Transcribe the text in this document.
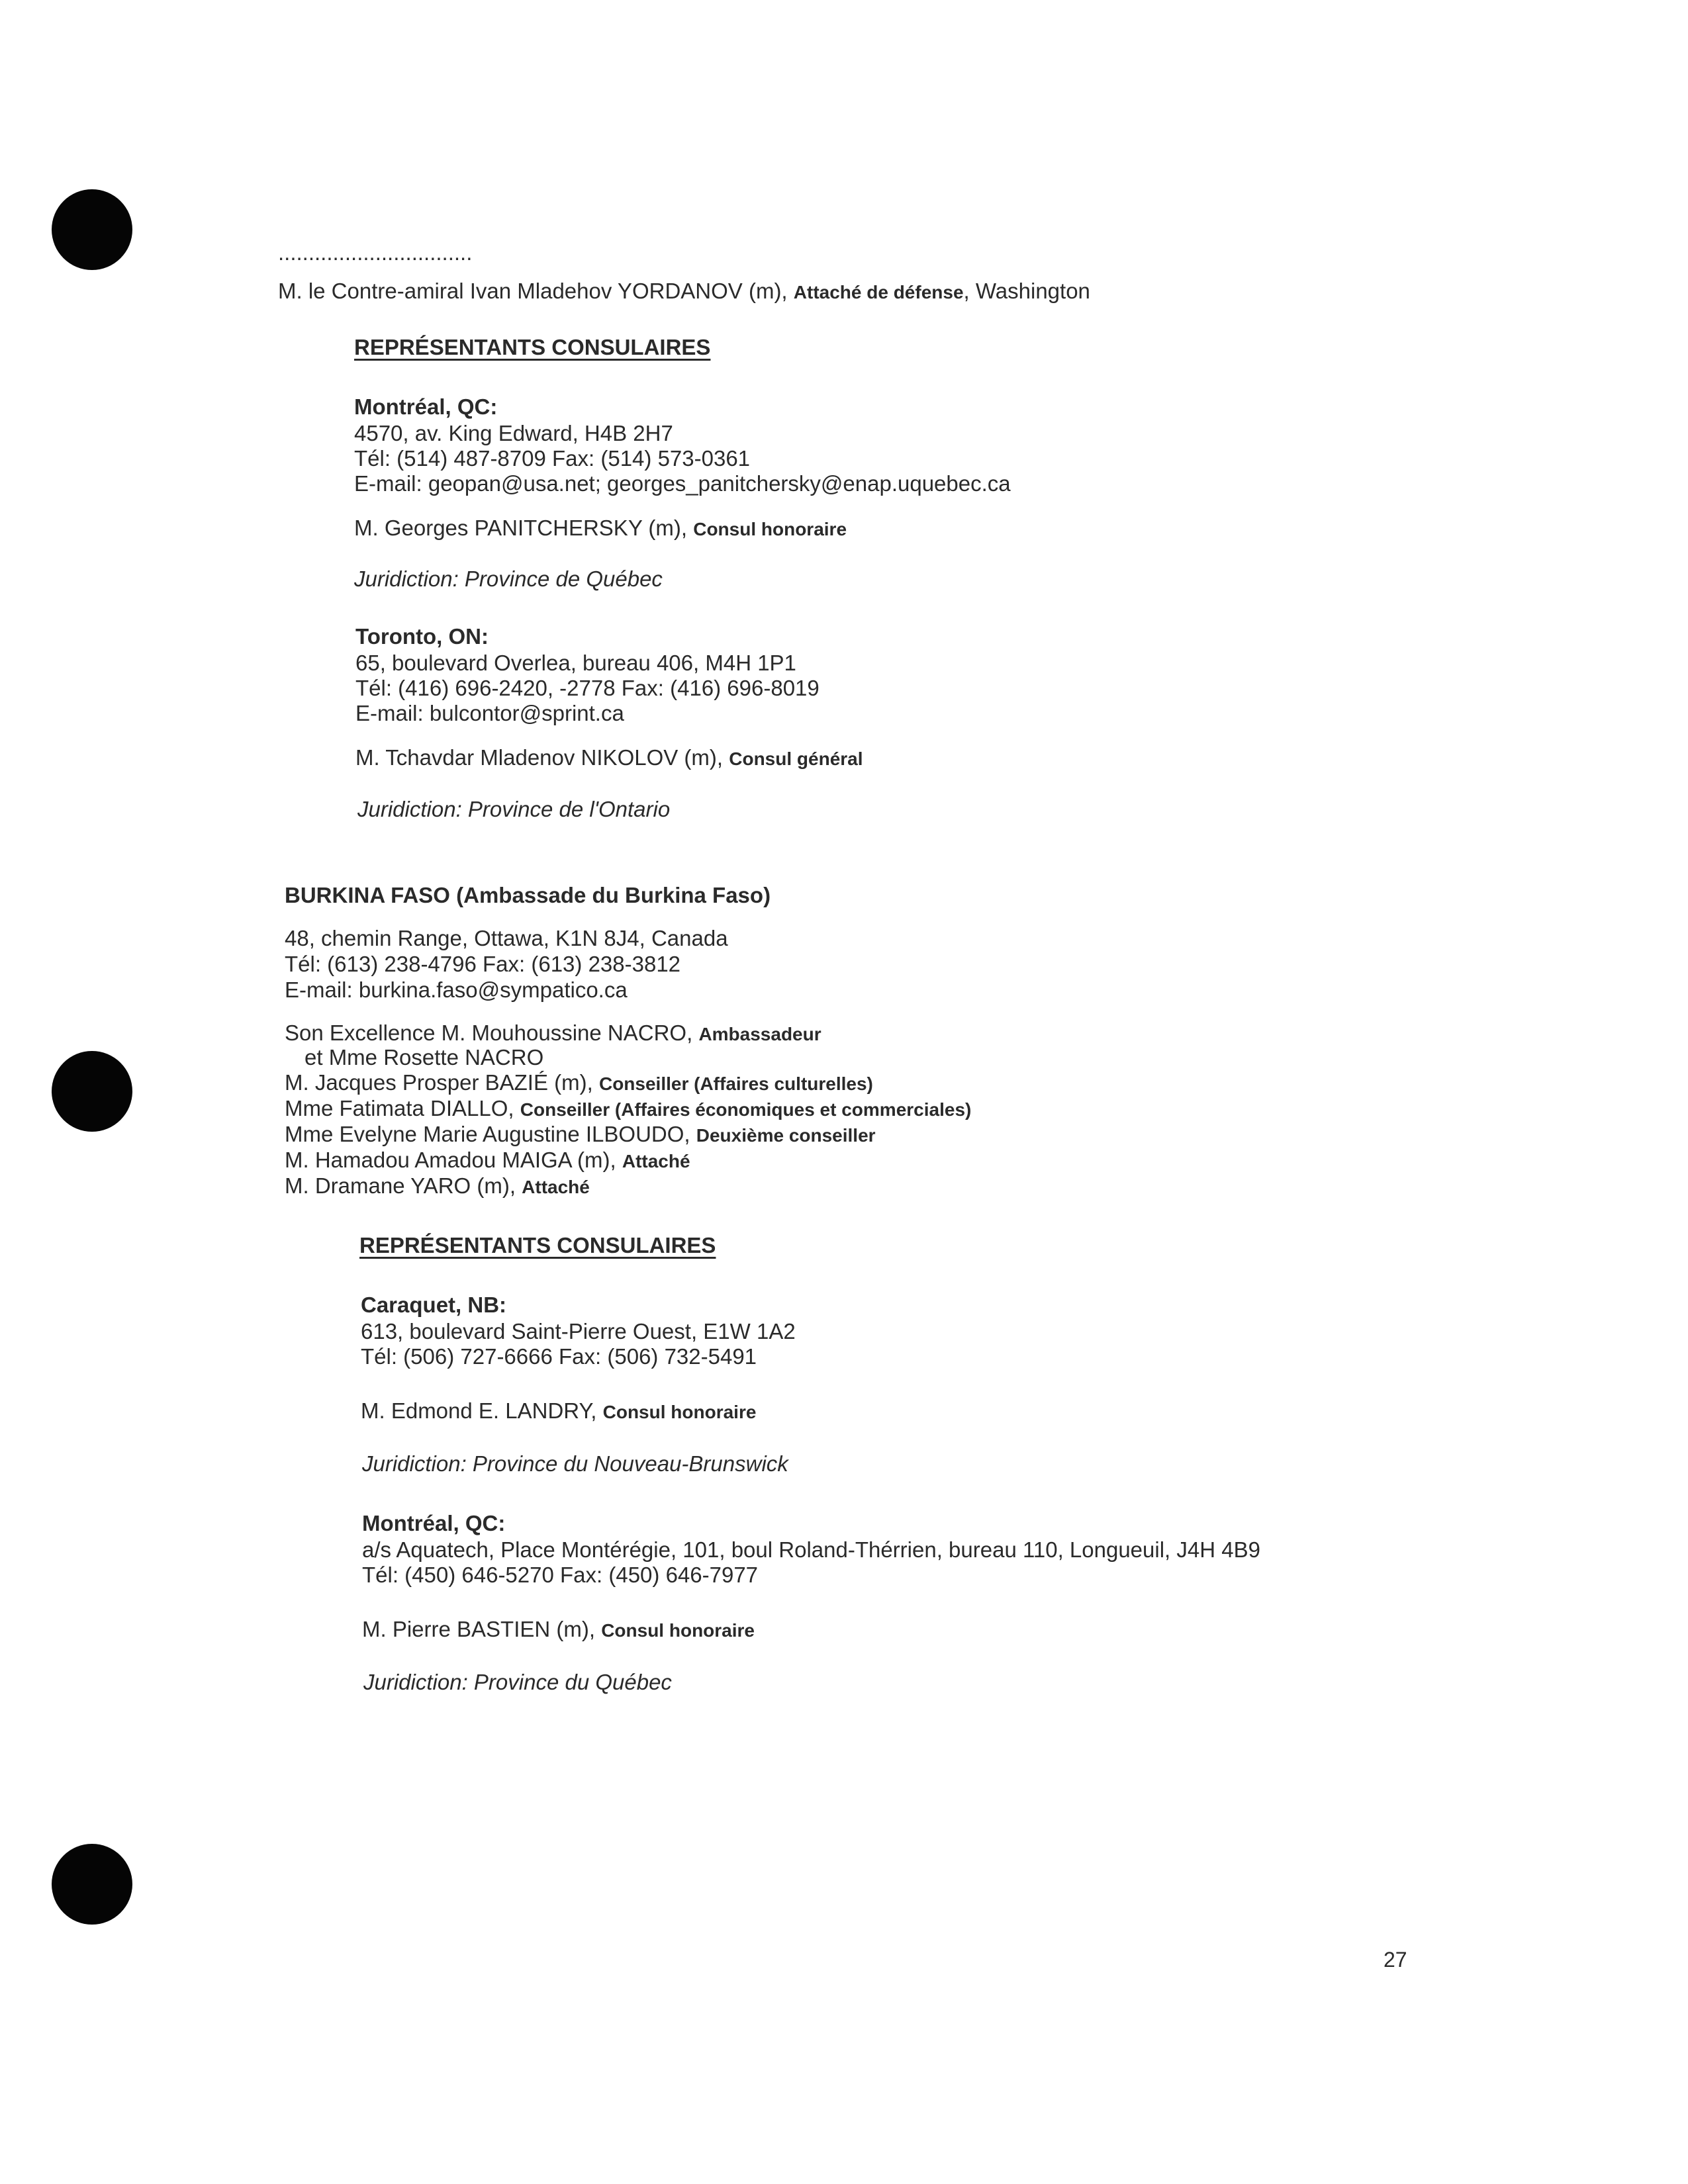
................................
M. le Contre-amiral Ivan Mladehov YORDANOV (m), Attaché de défense, Washington
REPRÉSENTANTS CONSULAIRES
Montréal, QC:
4570, av. King Edward, H4B 2H7
Tél: (514) 487-8709 Fax: (514) 573-0361
E-mail: geopan@usa.net; georges_panitchersky@enap.uquebec.ca
M. Georges PANITCHERSKY (m), Consul honoraire
Juridiction: Province de Québec
Toronto, ON:
65, boulevard Overlea, bureau 406, M4H 1P1
Tél: (416) 696-2420, -2778 Fax: (416) 696-8019
E-mail: bulcontor@sprint.ca
M. Tchavdar Mladenov NIKOLOV (m), Consul général
Juridiction: Province de l'Ontario
BURKINA FASO (Ambassade du Burkina Faso)
48, chemin Range, Ottawa, K1N 8J4, Canada
Tél: (613) 238-4796 Fax: (613) 238-3812
E-mail: burkina.faso@sympatico.ca
Son Excellence M. Mouhoussine NACRO, Ambassadeur
et Mme Rosette NACRO
M. Jacques Prosper BAZIÉ (m), Conseiller (Affaires culturelles)
Mme Fatimata DIALLO, Conseiller (Affaires économiques et commerciales)
Mme Evelyne Marie Augustine ILBOUDO, Deuxième conseiller
M. Hamadou Amadou MAIGA (m), Attaché
M. Dramane YARO (m), Attaché
REPRÉSENTANTS CONSULAIRES
Caraquet, NB:
613, boulevard Saint-Pierre Ouest, E1W 1A2
Tél: (506) 727-6666 Fax: (506) 732-5491
M. Edmond E. LANDRY, Consul honoraire
Juridiction: Province du Nouveau-Brunswick
Montréal, QC:
a/s Aquatech, Place Montérégie, 101, boul Roland-Thérrien, bureau 110, Longueuil, J4H 4B9
Tél: (450) 646-5270 Fax: (450) 646-7977
M. Pierre BASTIEN (m), Consul honoraire
Juridiction: Province du Québec
27
